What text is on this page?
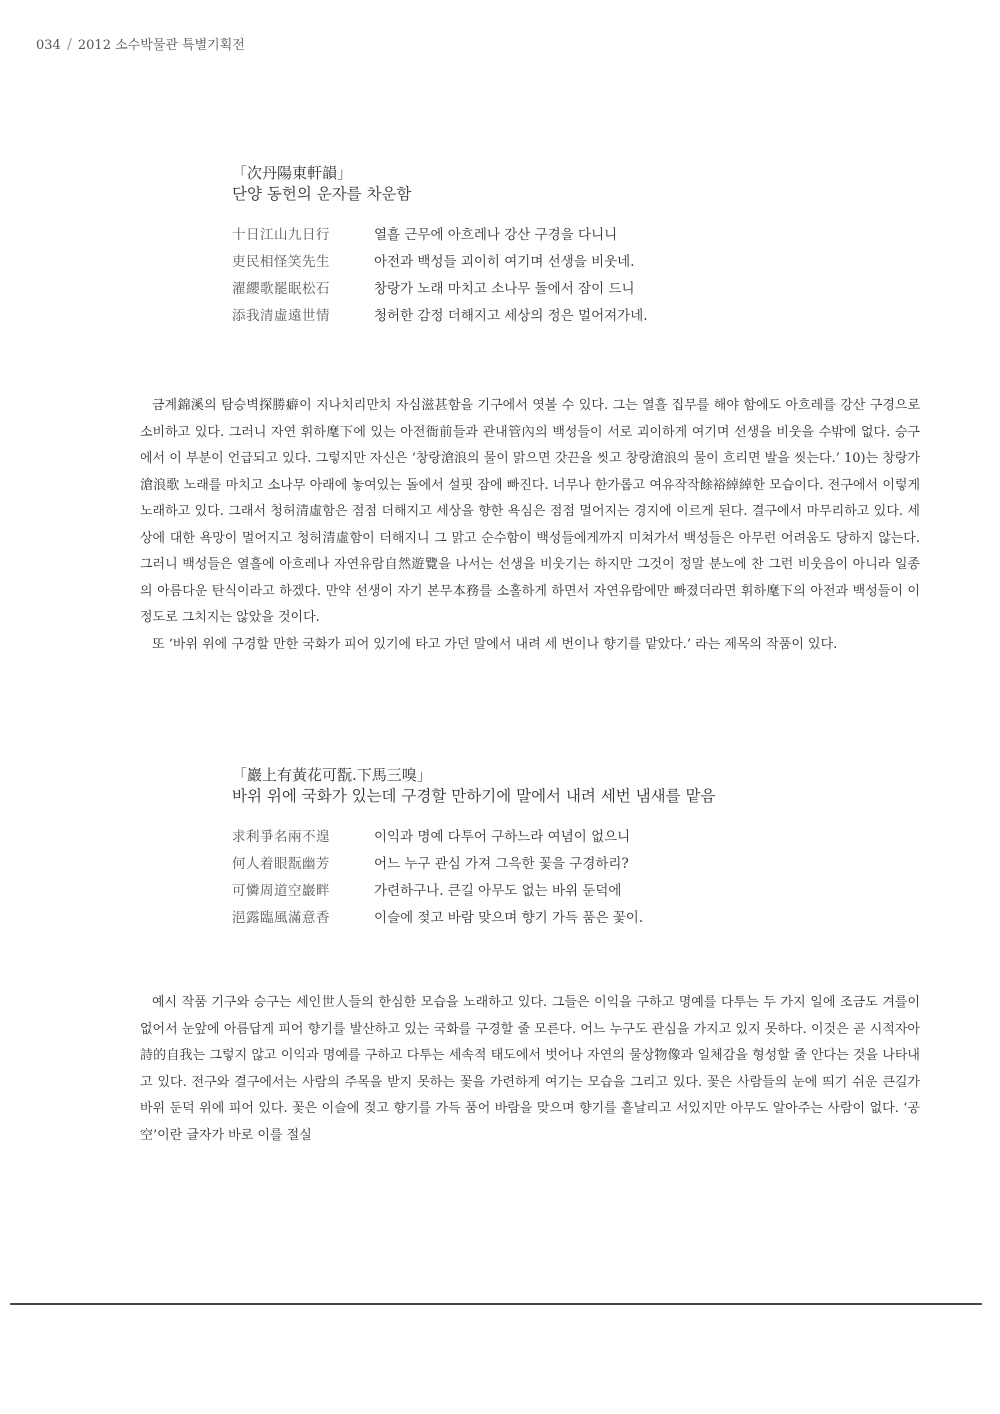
034 / 2012 소수박물관 특별기획전
「次丹陽東軒韻」
단양 동헌의 운자를 차운함
十日江山九日行	열흘 근무에 아흐레나 강산 구경을 다니니
吏民相怪笑先生	아전과 백성들 괴이히 여기며 선생을 비웃네.
濯纓歌罷眠松石	창랑가 노래 마치고 소나무 돌에서 잠이 드니
添我清虛遠世情	청허한 감정 더해지고 세상의 정은 멀어져가네.

금계錦溪의 탐승벽探勝癖이 지나치리만치 자심滋甚함을 기구에서 엿볼 수 있다. 그는 열흘 집무를 해야 함에도 아흐레를 강산 구경으로 소비하고 있다. 그러니 자연 휘하麾下에 있는 아전衙前들과 관내管內의 백성들이 서로 괴이하게 여기며 선생을 비웃을 수밖에 없다. 승구에서 이 부분이 언급되고 있다. 그렇지만 자신은 ‘창랑滄浪의 물이 맑으면 갓끈을 씻고 창랑滄浪의 물이 흐리면 발을 씻는다.’ 10)는 창랑가滄浪歌 노래를 마치고 소나무 아래에 놓여있는 돌에서 설핏 잠에 빠진다. 너무나 한가롭고 여유작작餘裕綽綽한 모습이다. 전구에서 이렇게 노래하고 있다. 그래서 청허清虛함은 점점 더해지고 세상을 향한 욕심은 점점 멀어지는 경지에 이르게 된다. 결구에서 마무리하고 있다. 세상에 대한 욕망이 멀어지고 청허清虛함이 더해지니 그 맑고 순수함이 백성들에게까지 미쳐가서 백성들은 아무런 어려움도 당하지 않는다. 그러니 백성들은 열흘에 아흐레나 자연유람自然遊覽을 나서는 선생을 비웃기는 하지만 그것이 정말 분노에 찬 그런 비웃음이 아니라 일종의 아름다운 탄식이라고 하겠다. 만약 선생이 자기 본무本務를 소홀하게 하면서 자연유람에만 빠졌더라면 휘하麾下의 아전과 백성들이 이 정도로 그치지는 않았을 것이다.

또 ‘바위 위에 구경할 만한 국화가 피어 있기에 타고 가던 말에서 내려 세 번이나 향기를 맡았다.’ 라는 제목의 작품이 있다.

「巖上有黃花可翫.下馬三嗅」
바위 위에 국화가 있는데 구경할 만하기에 말에서 내려 세번 냄새를 맡음
求利爭名兩不遑	이익과 명예 다투어 구하느라 여념이 없으니
何人着眼翫幽芳	어느 누구 관심 가져 그윽한 꽃을 구경하리?
可憐周道空巖畔	가련하구나. 큰길 아무도 없는 바위 둔덕에
浥露臨風滿意香	이슬에 젖고 바람 맞으며 향기 가득 품은 꽃이.

예시 작품 기구와 승구는 세인世人들의 한심한 모습을 노래하고 있다. 그들은 이익을 구하고 명예를 다투는 두 가지 일에 조금도 겨를이 없어서 눈앞에 아름답게 피어 향기를 발산하고 있는 국화를 구경할 줄 모른다. 어느 누구도 관심을 가지고 있지 못하다. 이것은 곧 시적자아詩的自我는 그렇지 않고 이익과 명예를 구하고 다투는 세속적 태도에서 벗어나 자연의 물상物像과 일체감을 형성할 줄 안다는 것을 나타내고 있다. 전구와 결구에서는 사람의 주목을 받지 못하는 꽃을 가련하게 여기는 모습을 그리고 있다. 꽃은 사람들의 눈에 띄기 쉬운 큰길가 바위 둔덕 위에 피어 있다. 꽃은 이슬에 젖고 향기를 가득 품어 바람을 맞으며 향기를 흩날리고 서있지만 아무도 알아주는 사람이 없다. ‘공空’이란 글자가 바로 이를 절실
